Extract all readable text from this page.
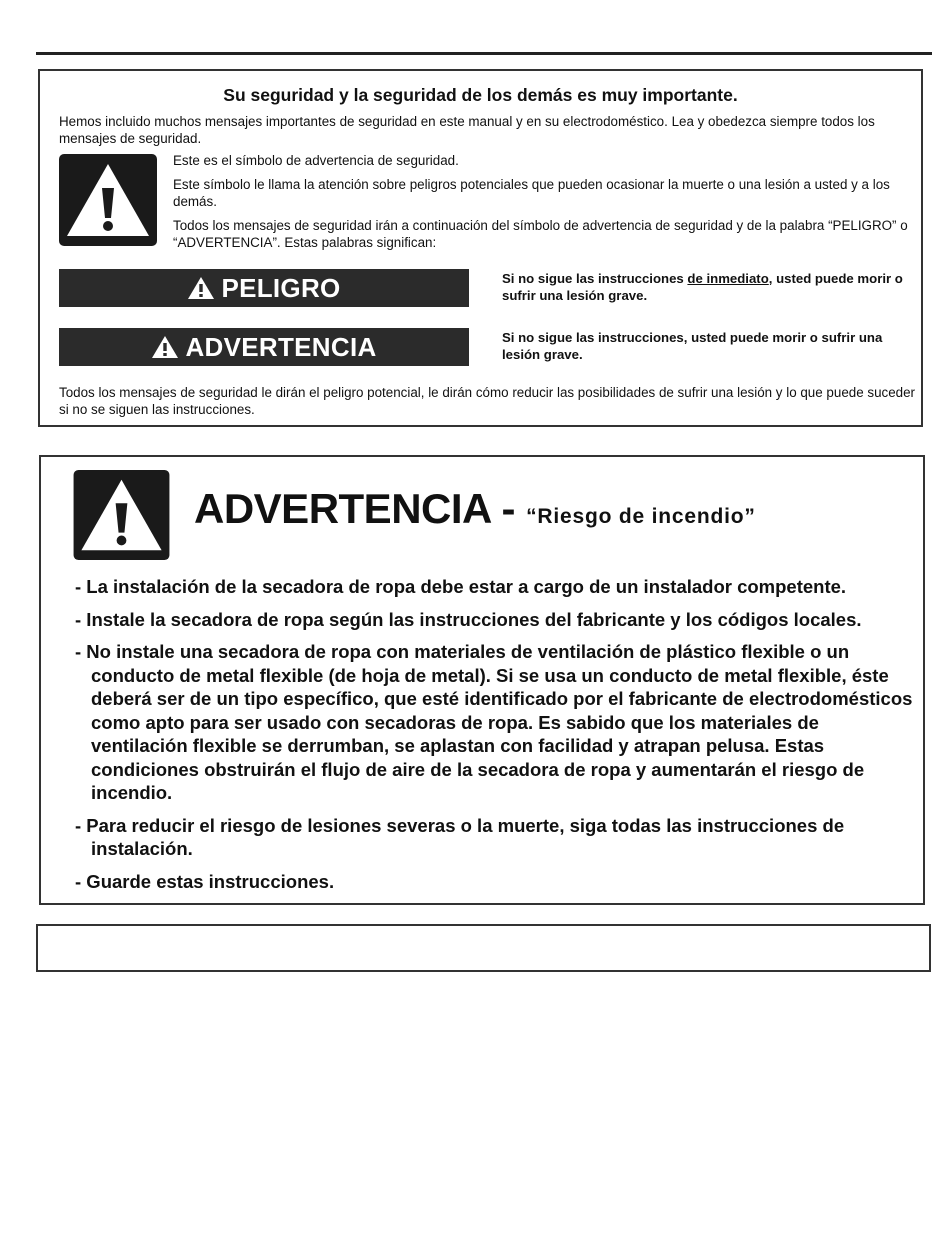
Su seguridad y la seguridad de los demás es muy importante.

Hemos incluido muchos mensajes importantes de seguridad en este manual y en su electrodoméstico. Lea y obedezca siempre todos los mensajes de seguridad.

Este es el símbolo de advertencia de seguridad.

Este símbolo le llama la atención sobre peligros potenciales que pueden ocasionar la muerte o una lesión a usted y a los demás.

Todos los mensajes de seguridad irán a continuación del símbolo de advertencia de seguridad y de la palabra “PELIGRO” o “ADVERTENCIA”. Estas palabras significan:

PELIGRO	Si no sigue las instrucciones de inmediato, usted puede morir o sufrir una lesión grave.

ADVERTENCIA	Si no sigue las instrucciones, usted puede morir o sufrir una lesión grave.

Todos los mensajes de seguridad le dirán el peligro potencial, le dirán cómo reducir las posibilidades de sufrir una lesión y lo que puede suceder si no se siguen las instrucciones.

ADVERTENCIA - “Riesgo de incendio”
- La instalación de la secadora de ropa debe estar a cargo de un instalador competente.
- Instale la secadora de ropa según las instrucciones del fabricante y los códigos locales.
- No instale una secadora de ropa con materiales de ventilación de plástico flexible o un conducto de metal flexible (de hoja de metal). Si se usa un conducto de metal flexible, éste deberá ser de un tipo específico, que esté identificado por el fabricante de electrodomésticos como apto para ser usado con secadoras de ropa. Es sabido que los materiales de ventilación flexible se derrumban, se aplastan con facilidad y atrapan pelusa. Estas condiciones obstruirán el flujo de aire de la secadora de ropa y aumentarán el riesgo de incendio.
- Para reducir el riesgo de lesiones severas o la muerte, siga todas las instrucciones de instalación.
- Guarde estas instrucciones.
